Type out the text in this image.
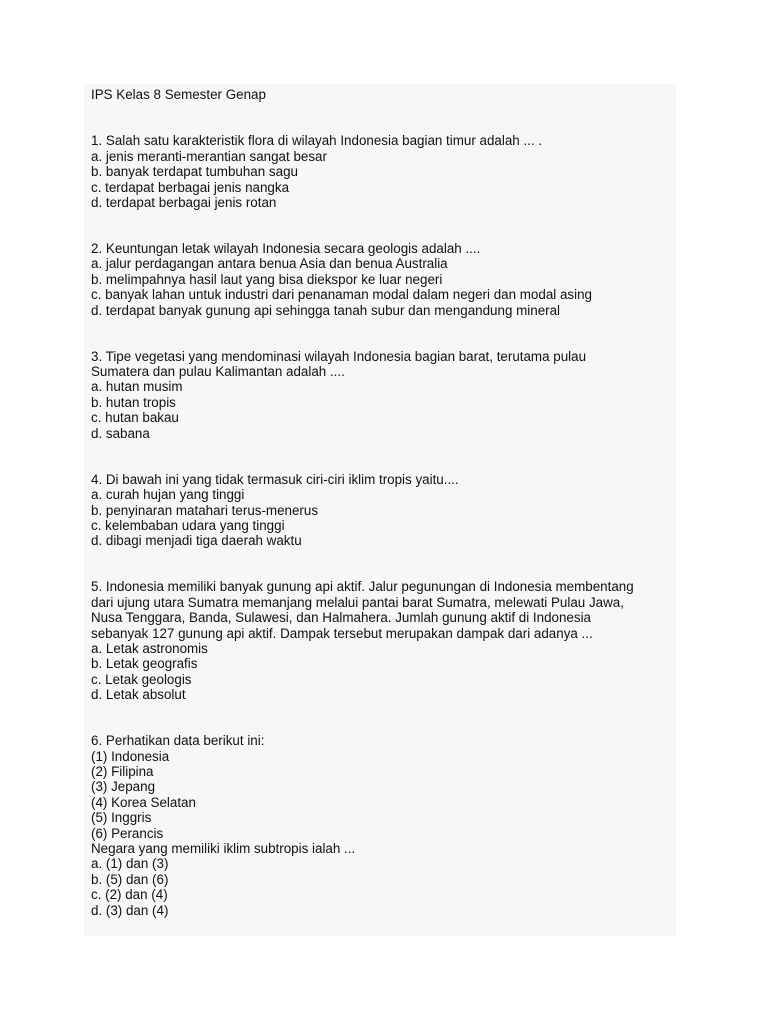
IPS Kelas 8 Semester Genap
1. Salah satu karakteristik flora di wilayah Indonesia bagian timur adalah ... .
a. jenis meranti-merantian sangat besar
b. banyak terdapat tumbuhan sagu
c. terdapat berbagai jenis nangka
d. terdapat berbagai jenis rotan
2. Keuntungan letak wilayah Indonesia secara geologis adalah ....
a. jalur perdagangan antara benua Asia dan benua Australia
b. melimpahnya hasil laut yang bisa diekspor ke luar negeri
c. banyak lahan untuk industri dari penanaman modal dalam negeri dan modal asing
d. terdapat banyak gunung api sehingga tanah subur dan mengandung mineral
3. Tipe vegetasi yang mendominasi wilayah Indonesia bagian barat, terutama pulau
Sumatera dan pulau Kalimantan adalah ....
a. hutan musim
b. hutan tropis
c. hutan bakau
d. sabana
4. Di bawah ini yang tidak termasuk ciri-ciri iklim tropis yaitu....
a. curah hujan yang tinggi
b. penyinaran matahari terus-menerus
c. kelembaban udara yang tinggi
d. dibagi menjadi tiga daerah waktu
5. Indonesia memiliki banyak gunung api aktif. Jalur pegunungan di Indonesia membentang
dari ujung utara Sumatra memanjang melalui pantai barat Sumatra, melewati Pulau Jawa,
Nusa Tenggara, Banda, Sulawesi, dan Halmahera. Jumlah gunung aktif di Indonesia
sebanyak 127 gunung api aktif. Dampak tersebut merupakan dampak dari adanya ...
a. Letak astronomis
b. Letak geografis
c. Letak geologis
d. Letak absolut
6. Perhatikan data berikut ini:
(1) Indonesia
(2) Filipina
(3) Jepang
(4) Korea Selatan
(5) Inggris
(6) Perancis
Negara yang memiliki iklim subtropis ialah ...
a. (1) dan (3)
b. (5) dan (6)
c. (2) dan (4)
d. (3) dan (4)
